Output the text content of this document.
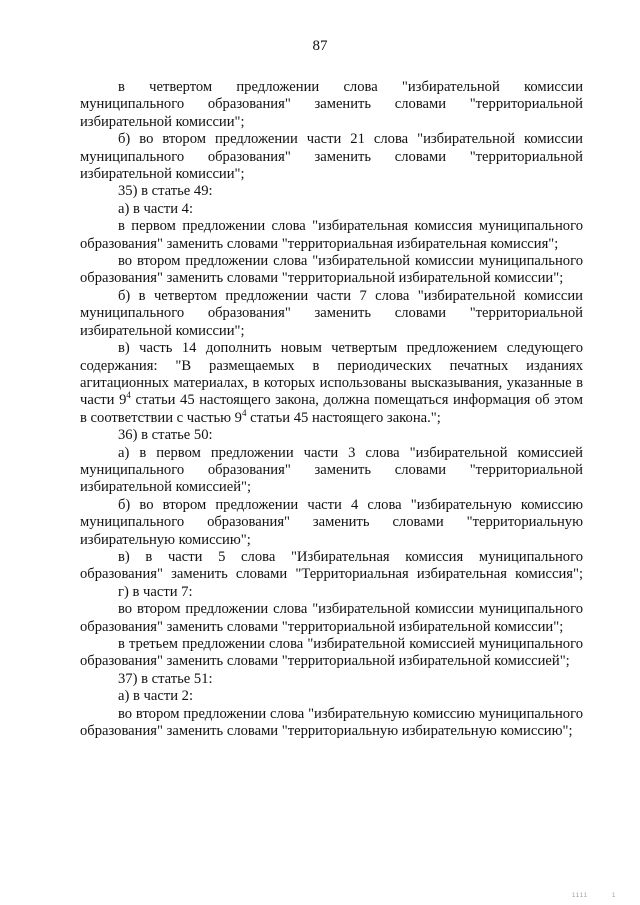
87

в четвертом предложении слова "избирательной комиссии муниципального образования" заменить словами "территориальной избирательной комиссии";

б) во втором предложении части 21 слова "избирательной комиссии муниципального образования" заменить словами "территориальной избирательной комиссии";

35) в статье 49:

а) в части 4:

в первом предложении слова "избирательная комиссия муниципального образования" заменить словами "территориальная избирательная комиссия";

во втором предложении слова "избирательной комиссии муниципального образования" заменить словами "территориальной избирательной комиссии";

б) в четвертом предложении части 7 слова "избирательной комиссии муниципального образования" заменить словами "территориальной избирательной комиссии";

в) часть 14 дополнить новым четвертым предложением следующего содержания: "В размещаемых в периодических печатных изданиях агитационных материалах, в которых использованы высказывания, указанные в части $9^4$ статьи 45 настоящего закона, должна помещаться информация об этом в соответствии с частью $9^4$ статьи 45 настоящего закона.";

36) в статье 50:

а) в первом предложении части 3 слова "избирательной комиссией муниципального образования" заменить словами "территориальной избирательной комиссией";

б) во втором предложении части 4 слова "избирательную комиссию муниципального образования" заменить словами "территориальную избирательную комиссию";

в) в части 5 слова "Избирательная комиссия муниципального образования" заменить словами "Территориальная избирательная комиссия";

г) в части 7:

во втором предложении слова "избирательной комиссии муниципального образования" заменить словами "территориальной избирательной комиссии";

в третьем предложении слова "избирательной комиссией муниципального образования" заменить словами "территориальной избирательной комиссией";

37) в статье 51:

а) в части 2:

во втором предложении слова "избирательную комиссию муниципального образования" заменить словами "территориальную избирательную комиссию";

1111	1
